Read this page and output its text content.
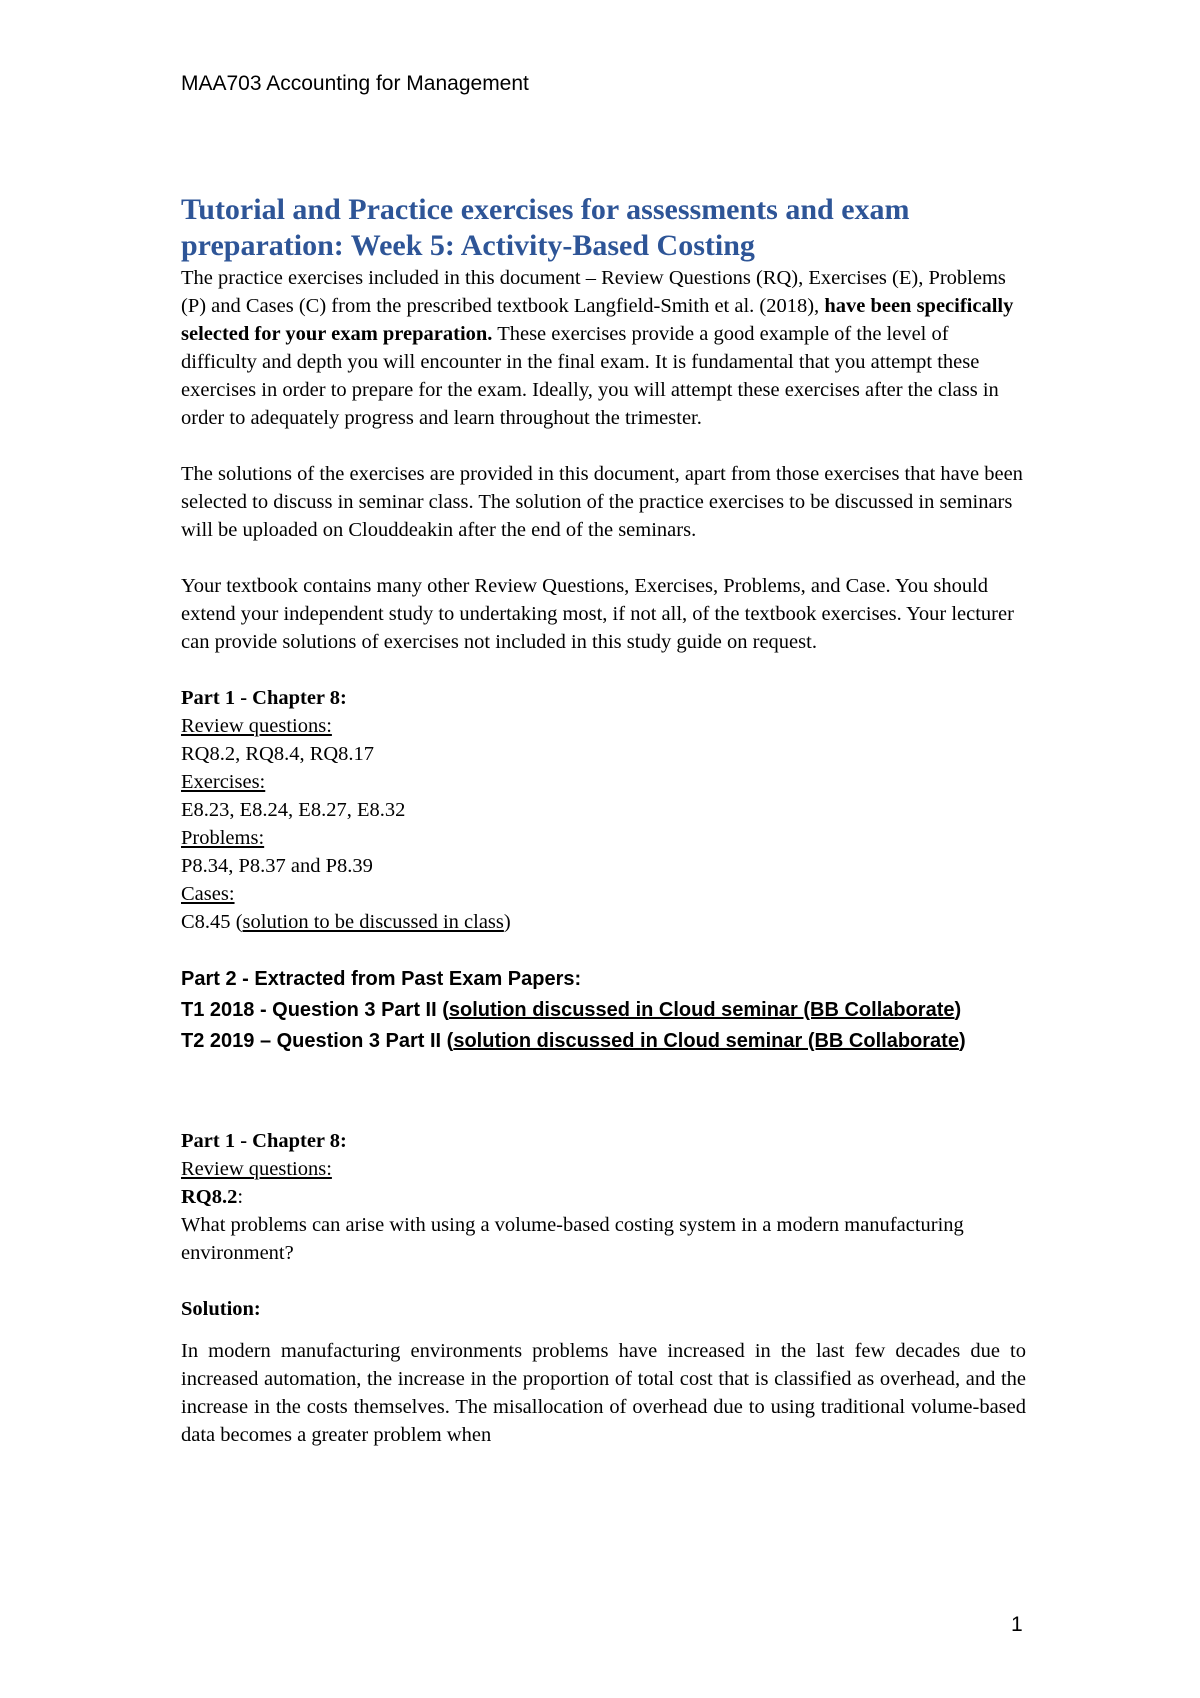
MAA703 Accounting for Management
Tutorial and Practice exercises for assessments and exam preparation: Week 5: Activity-Based Costing

The practice exercises included in this document – Review Questions (RQ), Exercises (E), Problems (P) and Cases (C) from the prescribed textbook Langfield-Smith et al. (2018), have been specifically selected for your exam preparation. These exercises provide a good example of the level of difficulty and depth you will encounter in the final exam. It is fundamental that you attempt these exercises in order to prepare for the exam. Ideally, you will attempt these exercises after the class in order to adequately progress and learn throughout the trimester.

The solutions of the exercises are provided in this document, apart from those exercises that have been selected to discuss in seminar class. The solution of the practice exercises to be discussed in seminars will be uploaded on Clouddeakin after the end of the seminars.

Your textbook contains many other Review Questions, Exercises, Problems, and Case. You should extend your independent study to undertaking most, if not all, of the textbook exercises. Your lecturer can provide solutions of exercises not included in this study guide on request.

Part 1 - Chapter 8:

Review questions:

RQ8.2, RQ8.4, RQ8.17

Exercises:

E8.23, E8.24, E8.27, E8.32

Problems:

P8.34, P8.37 and P8.39

Cases:

C8.45 (solution to be discussed in class)

Part 2 - Extracted from Past Exam Papers:

T1 2018 - Question 3 Part II (solution discussed in Cloud seminar (BB Collaborate)

T2 2019 – Question 3 Part II (solution discussed in Cloud seminar (BB Collaborate)

Part 1 - Chapter 8:

Review questions:

RQ8.2:

What problems can arise with using a volume-based costing system in a modern manufacturing environment?

Solution:

In modern manufacturing environments problems have increased in the last few decades due to increased automation, the increase in the proportion of total cost that is classified as overhead, and the increase in the costs themselves. The misallocation of overhead due to using traditional volume-based data becomes a greater problem when

1
